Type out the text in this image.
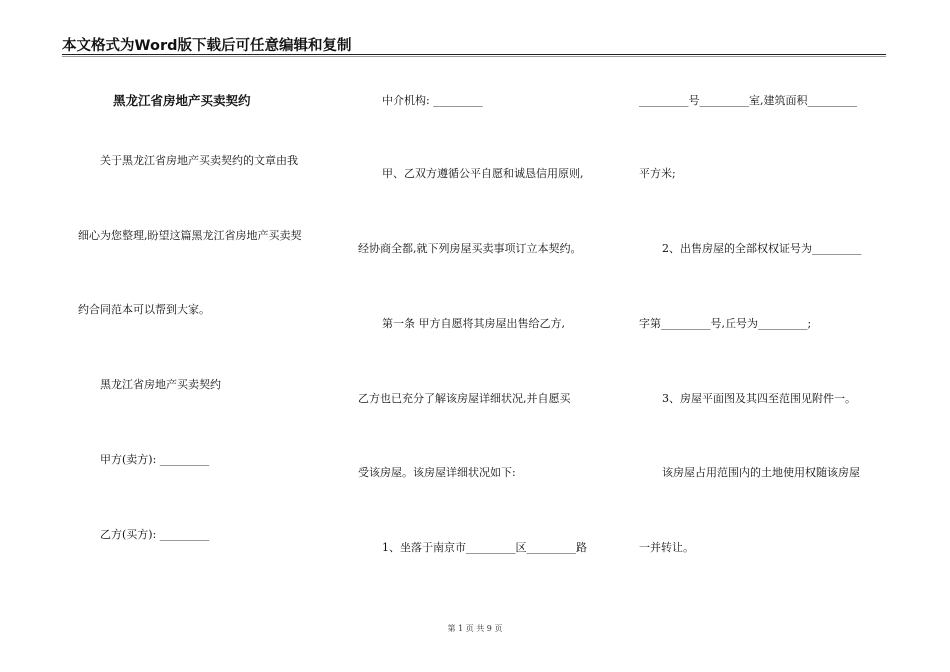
本文格式为Word版下载后可任意编辑和复制
黑龙江省房地产买卖契约
关于黑龙江省房地产买卖契约的文章由我
细心为您整理,盼望这篇黑龙江省房地产买卖契
约合同范本可以帮到大家。
黑龙江省房地产买卖契约
甲方(卖方): _________
乙方(买方): _________
中介机构: _________
甲、乙双方遵循公平自愿和诚恳信用原则,
经协商全都,就下列房屋买卖事项订立本契约。
第一条 甲方自愿将其房屋出售给乙方,
乙方也已充分了解该房屋详细状况,并自愿买
受该房屋。该房屋详细状况如下:
1、坐落于南京市_________区_________路
_________号_________室,建筑面积_________
平方米;
2、出售房屋的全部权权证号为_________
字第_________号,丘号为_________;
3、房屋平面图及其四至范围见附件一。
该房屋占用范围内的土地使用权随该房屋
一并转让。
第 1 页 共 9 页
